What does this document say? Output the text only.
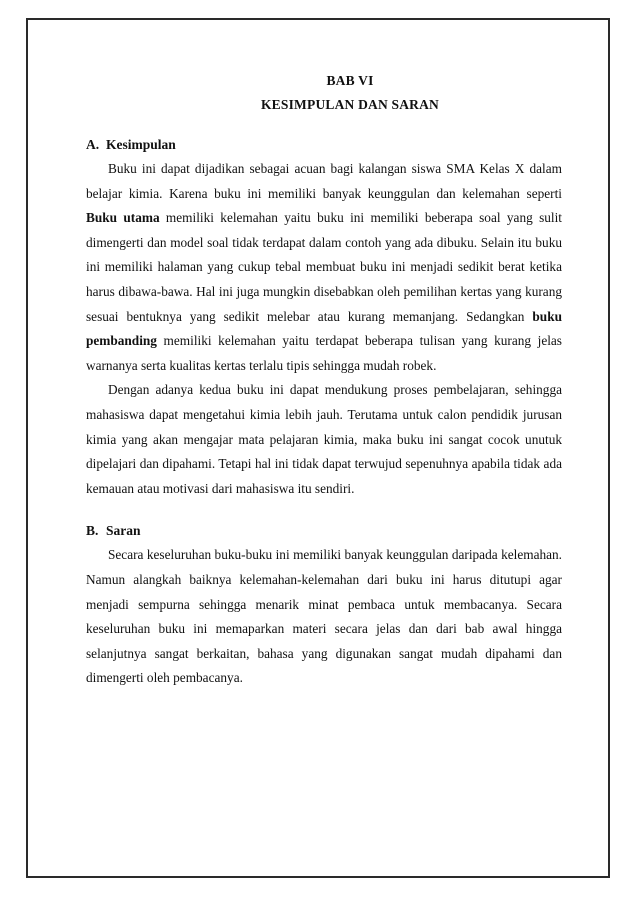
BAB VI

KESIMPULAN DAN SARAN

A. Kesimpulan

Buku ini dapat dijadikan sebagai acuan bagi kalangan siswa SMA Kelas X dalam belajar kimia. Karena buku ini memiliki banyak keunggulan dan kelemahan seperti Buku utama memiliki kelemahan yaitu buku ini memiliki beberapa soal yang sulit dimengerti dan model soal tidak terdapat dalam contoh yang ada dibuku. Selain itu buku ini memiliki halaman yang cukup tebal membuat buku ini menjadi sedikit berat ketika harus dibawa-bawa. Hal ini juga mungkin disebabkan oleh pemilihan kertas yang kurang sesuai bentuknya yang sedikit melebar atau kurang memanjang. Sedangkan buku pembanding memiliki kelemahan yaitu terdapat beberapa tulisan yang kurang jelas warnanya serta kualitas kertas terlalu tipis sehingga mudah robek.

Dengan adanya kedua buku ini dapat mendukung proses pembelajaran, sehingga mahasiswa dapat mengetahui kimia lebih jauh. Terutama untuk calon pendidik jurusan kimia yang akan mengajar mata pelajaran kimia, maka buku ini sangat cocok unutuk dipelajari dan dipahami. Tetapi hal ini tidak dapat terwujud sepenuhnya apabila tidak ada kemauan atau motivasi dari mahasiswa itu sendiri.

B. Saran

Secara keseluruhan buku-buku ini memiliki banyak keunggulan daripada kelemahan. Namun alangkah baiknya kelemahan-kelemahan dari buku ini harus ditutupi agar menjadi sempurna sehingga menarik minat pembaca untuk membacanya. Secara keseluruhan buku ini memaparkan materi secara jelas dan dari bab awal hingga selanjutnya sangat berkaitan, bahasa yang digunakan sangat mudah dipahami dan dimengerti oleh pembacanya.
